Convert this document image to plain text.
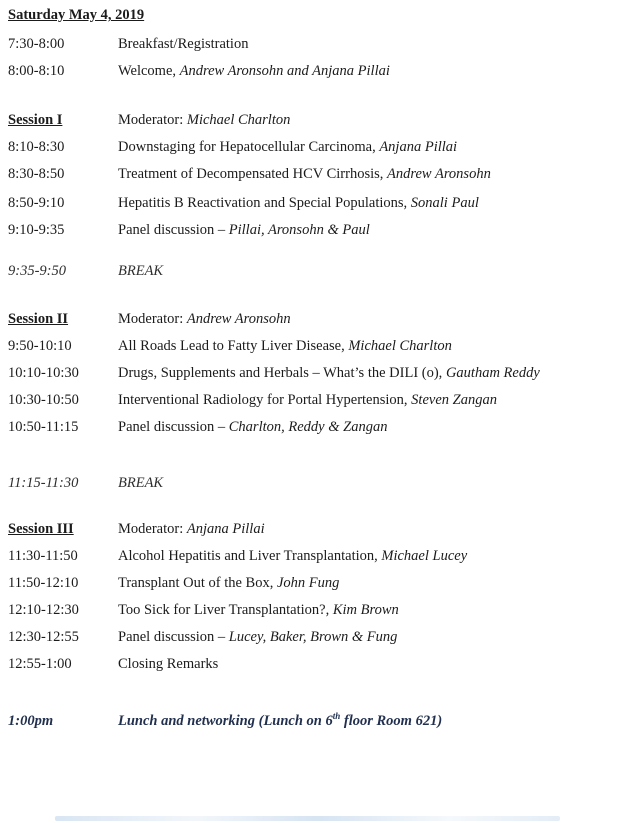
Saturday May 4, 2019
7:30-8:00	Breakfast/Registration
8:00-8:10	Welcome, Andrew Aronsohn and Anjana Pillai
Session I	Moderator: Michael Charlton
8:10-8:30	Downstaging for Hepatocellular Carcinoma, Anjana Pillai
8:30-8:50	Treatment of Decompensated HCV Cirrhosis, Andrew Aronsohn
8:50-9:10	Hepatitis B Reactivation and Special Populations, Sonali Paul
9:10-9:35	Panel discussion – Pillai, Aronsohn & Paul
9:35-9:50	BREAK
Session II	Moderator: Andrew Aronsohn
9:50-10:10	All Roads Lead to Fatty Liver Disease, Michael Charlton
10:10-10:30	Drugs, Supplements and Herbals – What’s the DILI (o), Gautham Reddy
10:30-10:50	Interventional Radiology for Portal Hypertension, Steven Zangan
10:50-11:15	Panel discussion – Charlton, Reddy & Zangan
11:15-11:30	BREAK
Session III	Moderator: Anjana Pillai
11:30-11:50	Alcohol Hepatitis and Liver Transplantation, Michael Lucey
11:50-12:10	Transplant Out of the Box, John Fung
12:10-12:30	Too Sick for Liver Transplantation?, Kim Brown
12:30-12:55	Panel discussion – Lucey, Baker, Brown & Fung
12:55-1:00	Closing Remarks
1:00pm	Lunch and networking (Lunch on 6th floor Room 621)
